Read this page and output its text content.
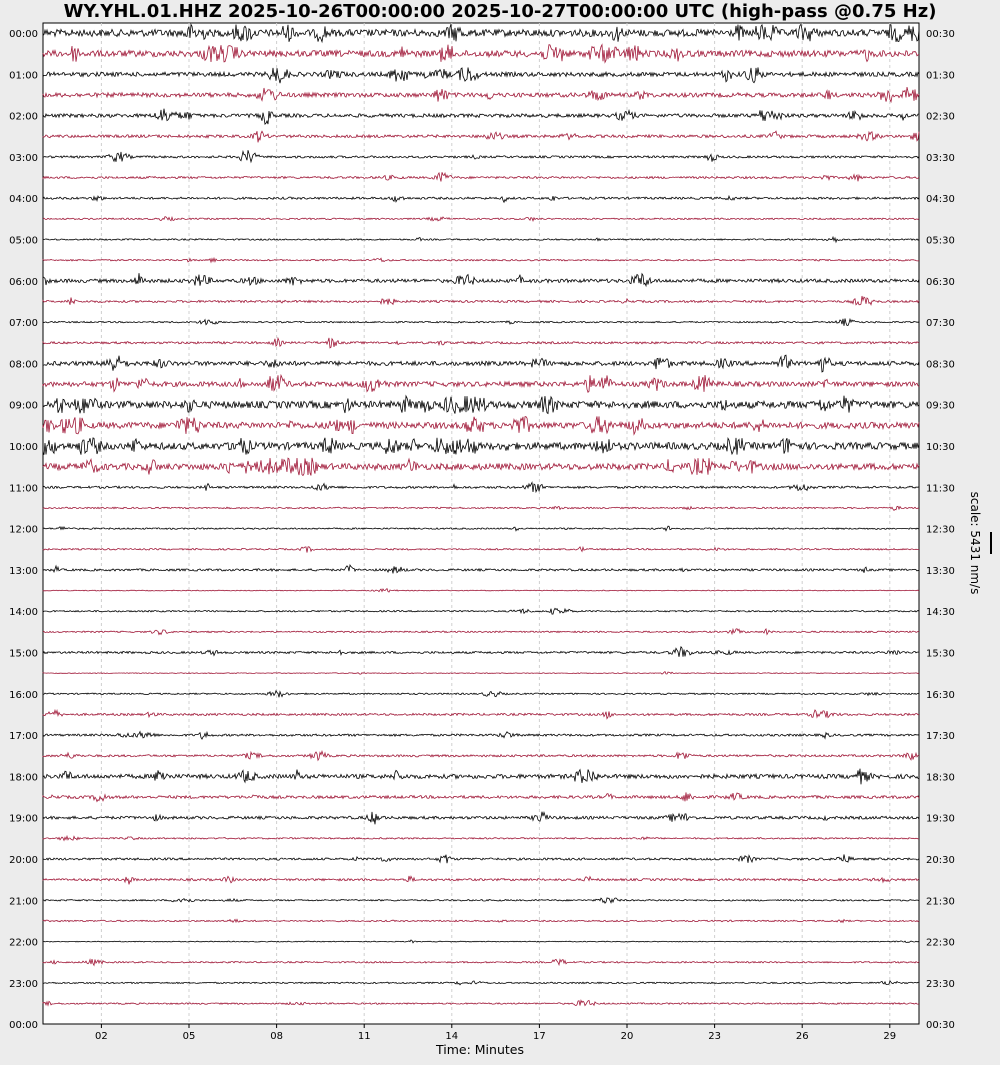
WY.YHL.01.HHZ 2025-10-26T00:00:00 2025-10-27T00:00:00 UTC (high-pass @0.75 Hz)
00:00
01:00
02:00
03:00
04:00
05:00
06:00
07:00
08:00
09:00
10:00
11:00
12:00
13:00
14:00
15:00
16:00
17:00
18:00
19:00
20:00
21:00
22:00
23:00
00:00
00:30
01:30
02:30
03:30
04:30
05:30
06:30
07:30
08:30
09:30
10:30
11:30
12:30
13:30
14:30
15:30
16:30
17:30
18:30
19:30
20:30
21:30
22:30
23:30
00:30
02	05	08	11	14	17	20	23	26	29
Time: Minutes
scale: 5431 nm/s
